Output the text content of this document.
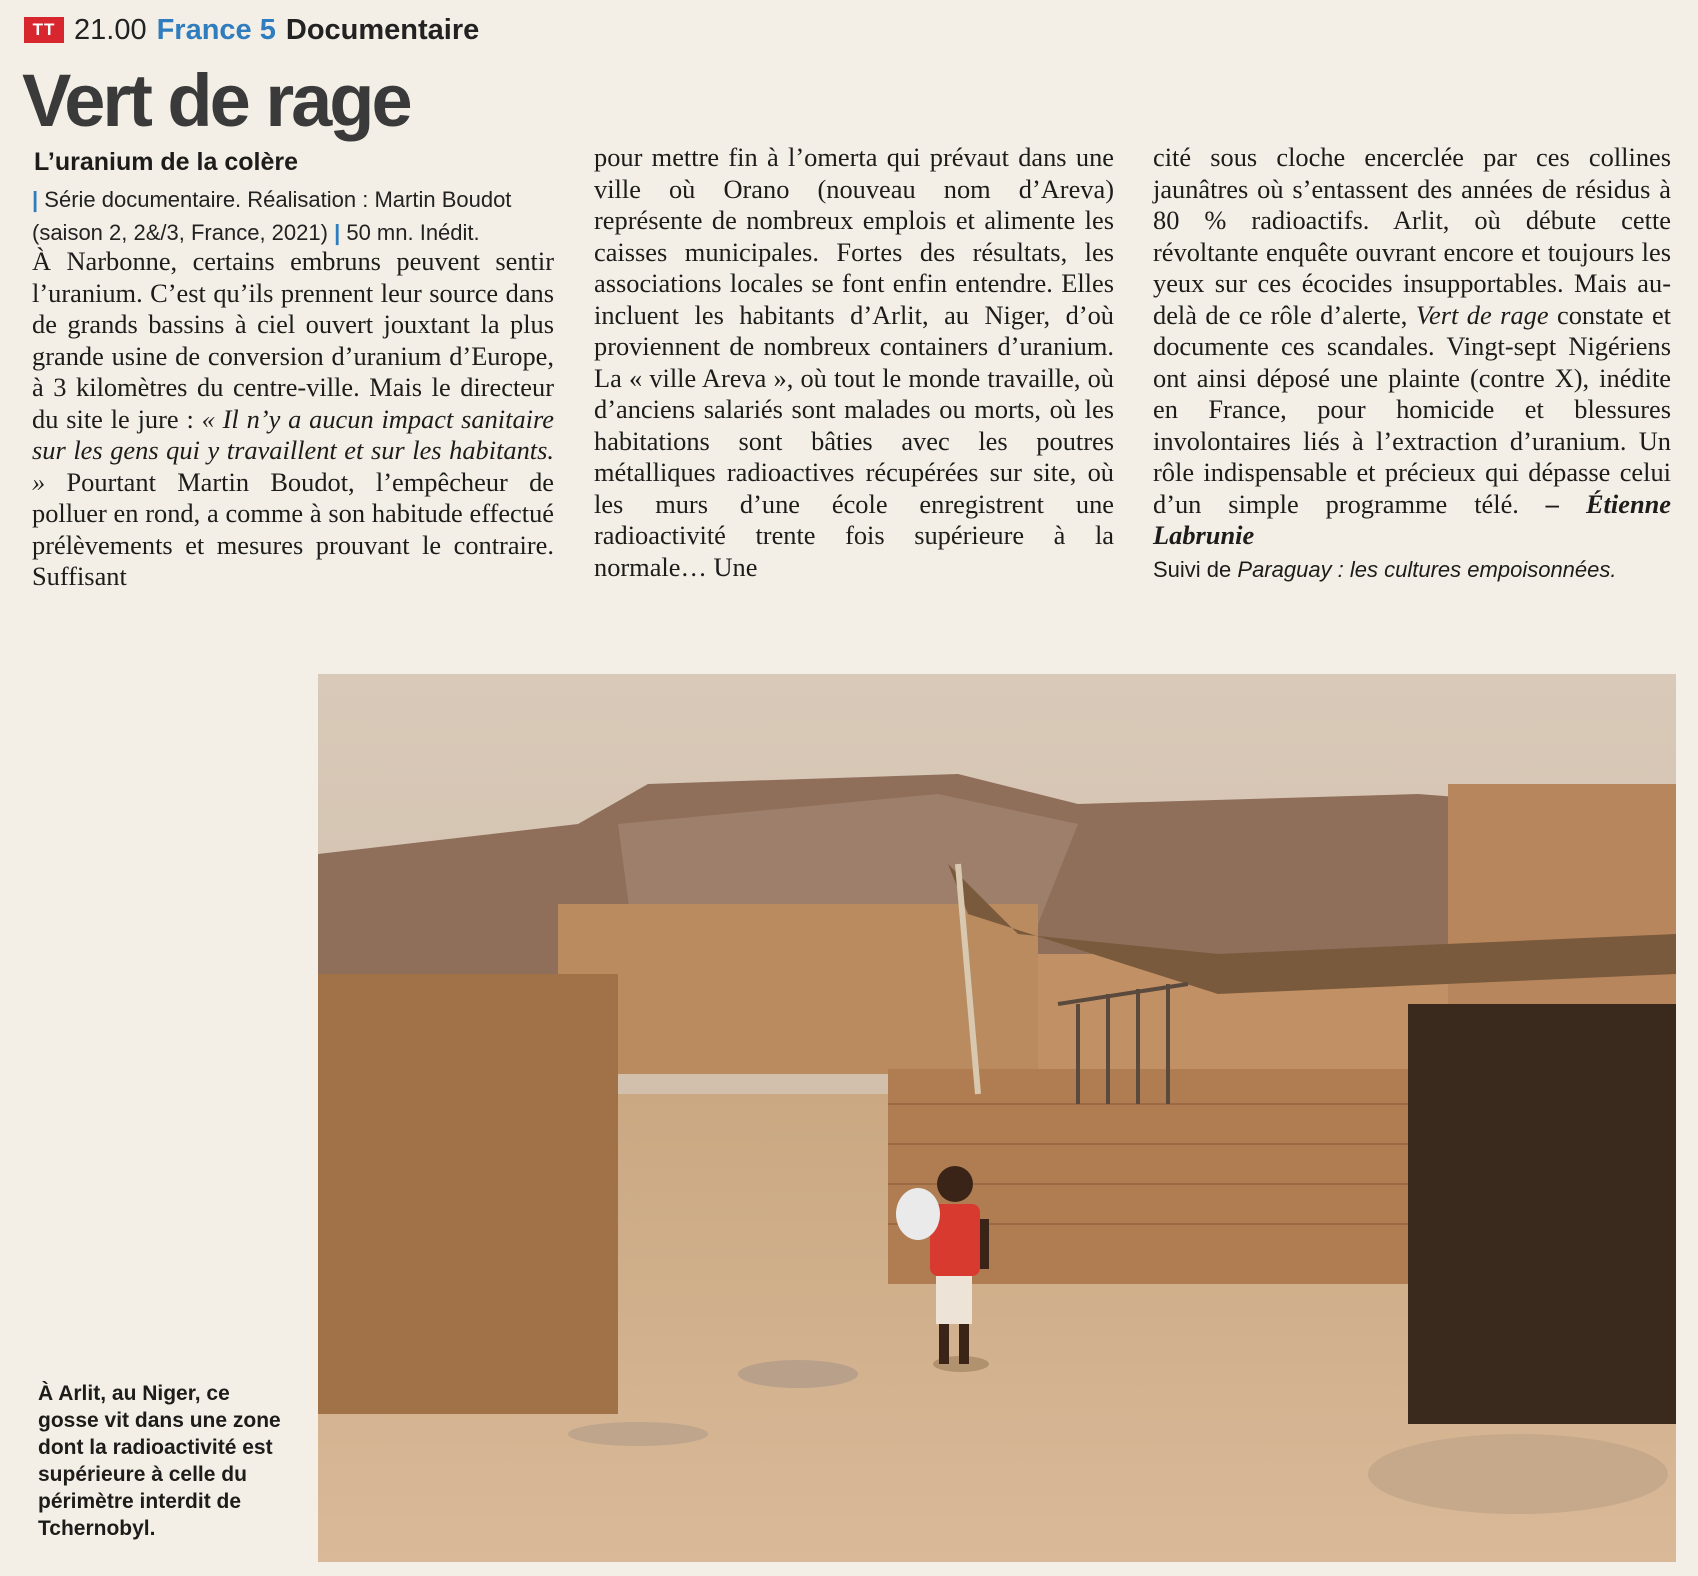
TT 21.00 France 5 Documentaire
Vert de rage
L’uranium de la colère
| Série documentaire. Réalisation : Martin Boudot
(saison 2, 2&/3, France, 2021) | 50 mn. Inédit.

À Narbonne, certains embruns peuvent sentir l’uranium. C’est qu’ils prennent leur source dans de grands bassins à ciel ouvert jouxtant la plus grande usine de conversion d’uranium d’Europe, à 3 kilomètres du centre-ville. Mais le directeur du site le jure : « Il n’y a aucun impact sanitaire sur les gens qui y travaillent et sur les habitants. » Pourtant Martin Boudot, l’empêcheur de polluer en rond, a comme à son habitude effectué prélèvements et mesures prouvant le contraire. Suffisant

pour mettre fin à l’omerta qui prévaut dans une ville où Orano (nouveau nom d’Areva) représente de nombreux emplois et alimente les caisses municipales. Fortes des résultats, les associations locales se font enfin entendre. Elles incluent les habitants d’Arlit, au Niger, d’où proviennent de nombreux containers d’uranium. La « ville Areva », où tout le monde travaille, où d’anciens salariés sont malades ou morts, où les habitations sont bâties avec les poutres métalliques radioactives récupérées sur site, où les murs d’une école enregistrent une radioactivité trente fois supérieure à la normale… Une

cité sous cloche encerclée par ces collines jaunâtres où s’entassent des années de résidus à 80 % radioactifs. Arlit, où débute cette révoltante enquête ouvrant encore et toujours les yeux sur ces écocides insupportables. Mais au-delà de ce rôle d’alerte, Vert de rage constate et documente ces scandales. Vingt-sept Nigériens ont ainsi déposé une plainte (contre X), inédite en France, pour homicide et blessures involontaires liés à l’extraction d’uranium. Un rôle indispensable et précieux qui dépasse celui d’un simple programme télé. – Étienne Labrunie

Suivi de Paraguay : les cultures empoisonnées.

À Arlit, au Niger, ce gosse vit dans une zone dont la radioactivité est supérieure à celle du périmètre interdit de Tchernobyl.
